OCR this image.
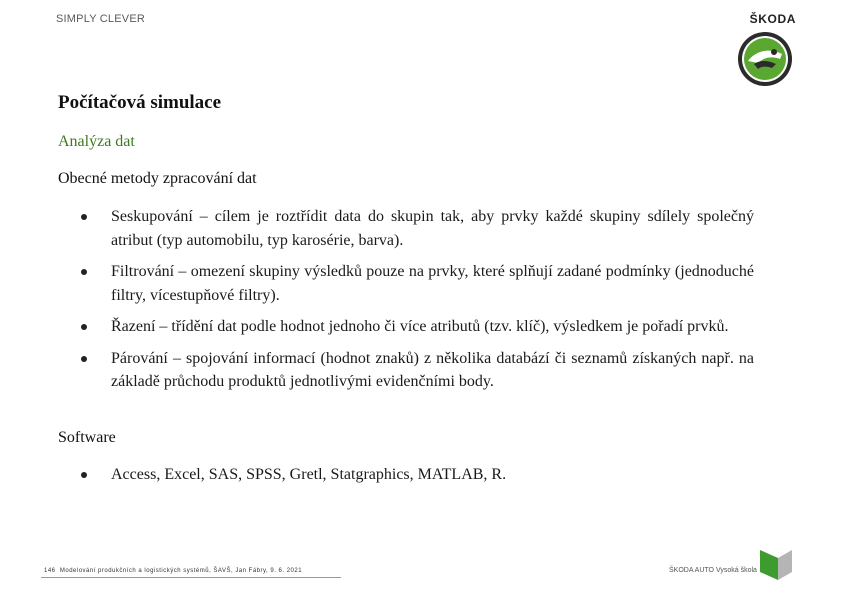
SIMPLY CLEVER	ŠKODA
Počítačová simulace
Analýza dat
Obecné metody zpracování dat
Seskupování – cílem je roztřídit data do skupin tak, aby prvky každé skupiny sdílely společný atribut (typ automobilu, typ karosérie, barva).
Filtrování – omezení skupiny výsledků pouze na prvky, které splňují zadané podmínky (jednoduché filtry, vícestupňové filtry).
Řazení – třídění dat podle hodnot jednoho či více atributů (tzv. klíč), výsledkem je pořadí prvků.
Párování – spojování informací (hodnot znaků) z několika databází či seznamů získaných např. na základě průchodu produktů jednotlivými evidenčními body.
Software
Access, Excel, SAS, SPSS, Gretl, Statgraphics, MATLAB, R.
146 Modelování produkčních a logistických systémů, ŠAVŠ, Jan Fábry, 9. 6. 2021	ŠKODA AUTO Vysoká škola
